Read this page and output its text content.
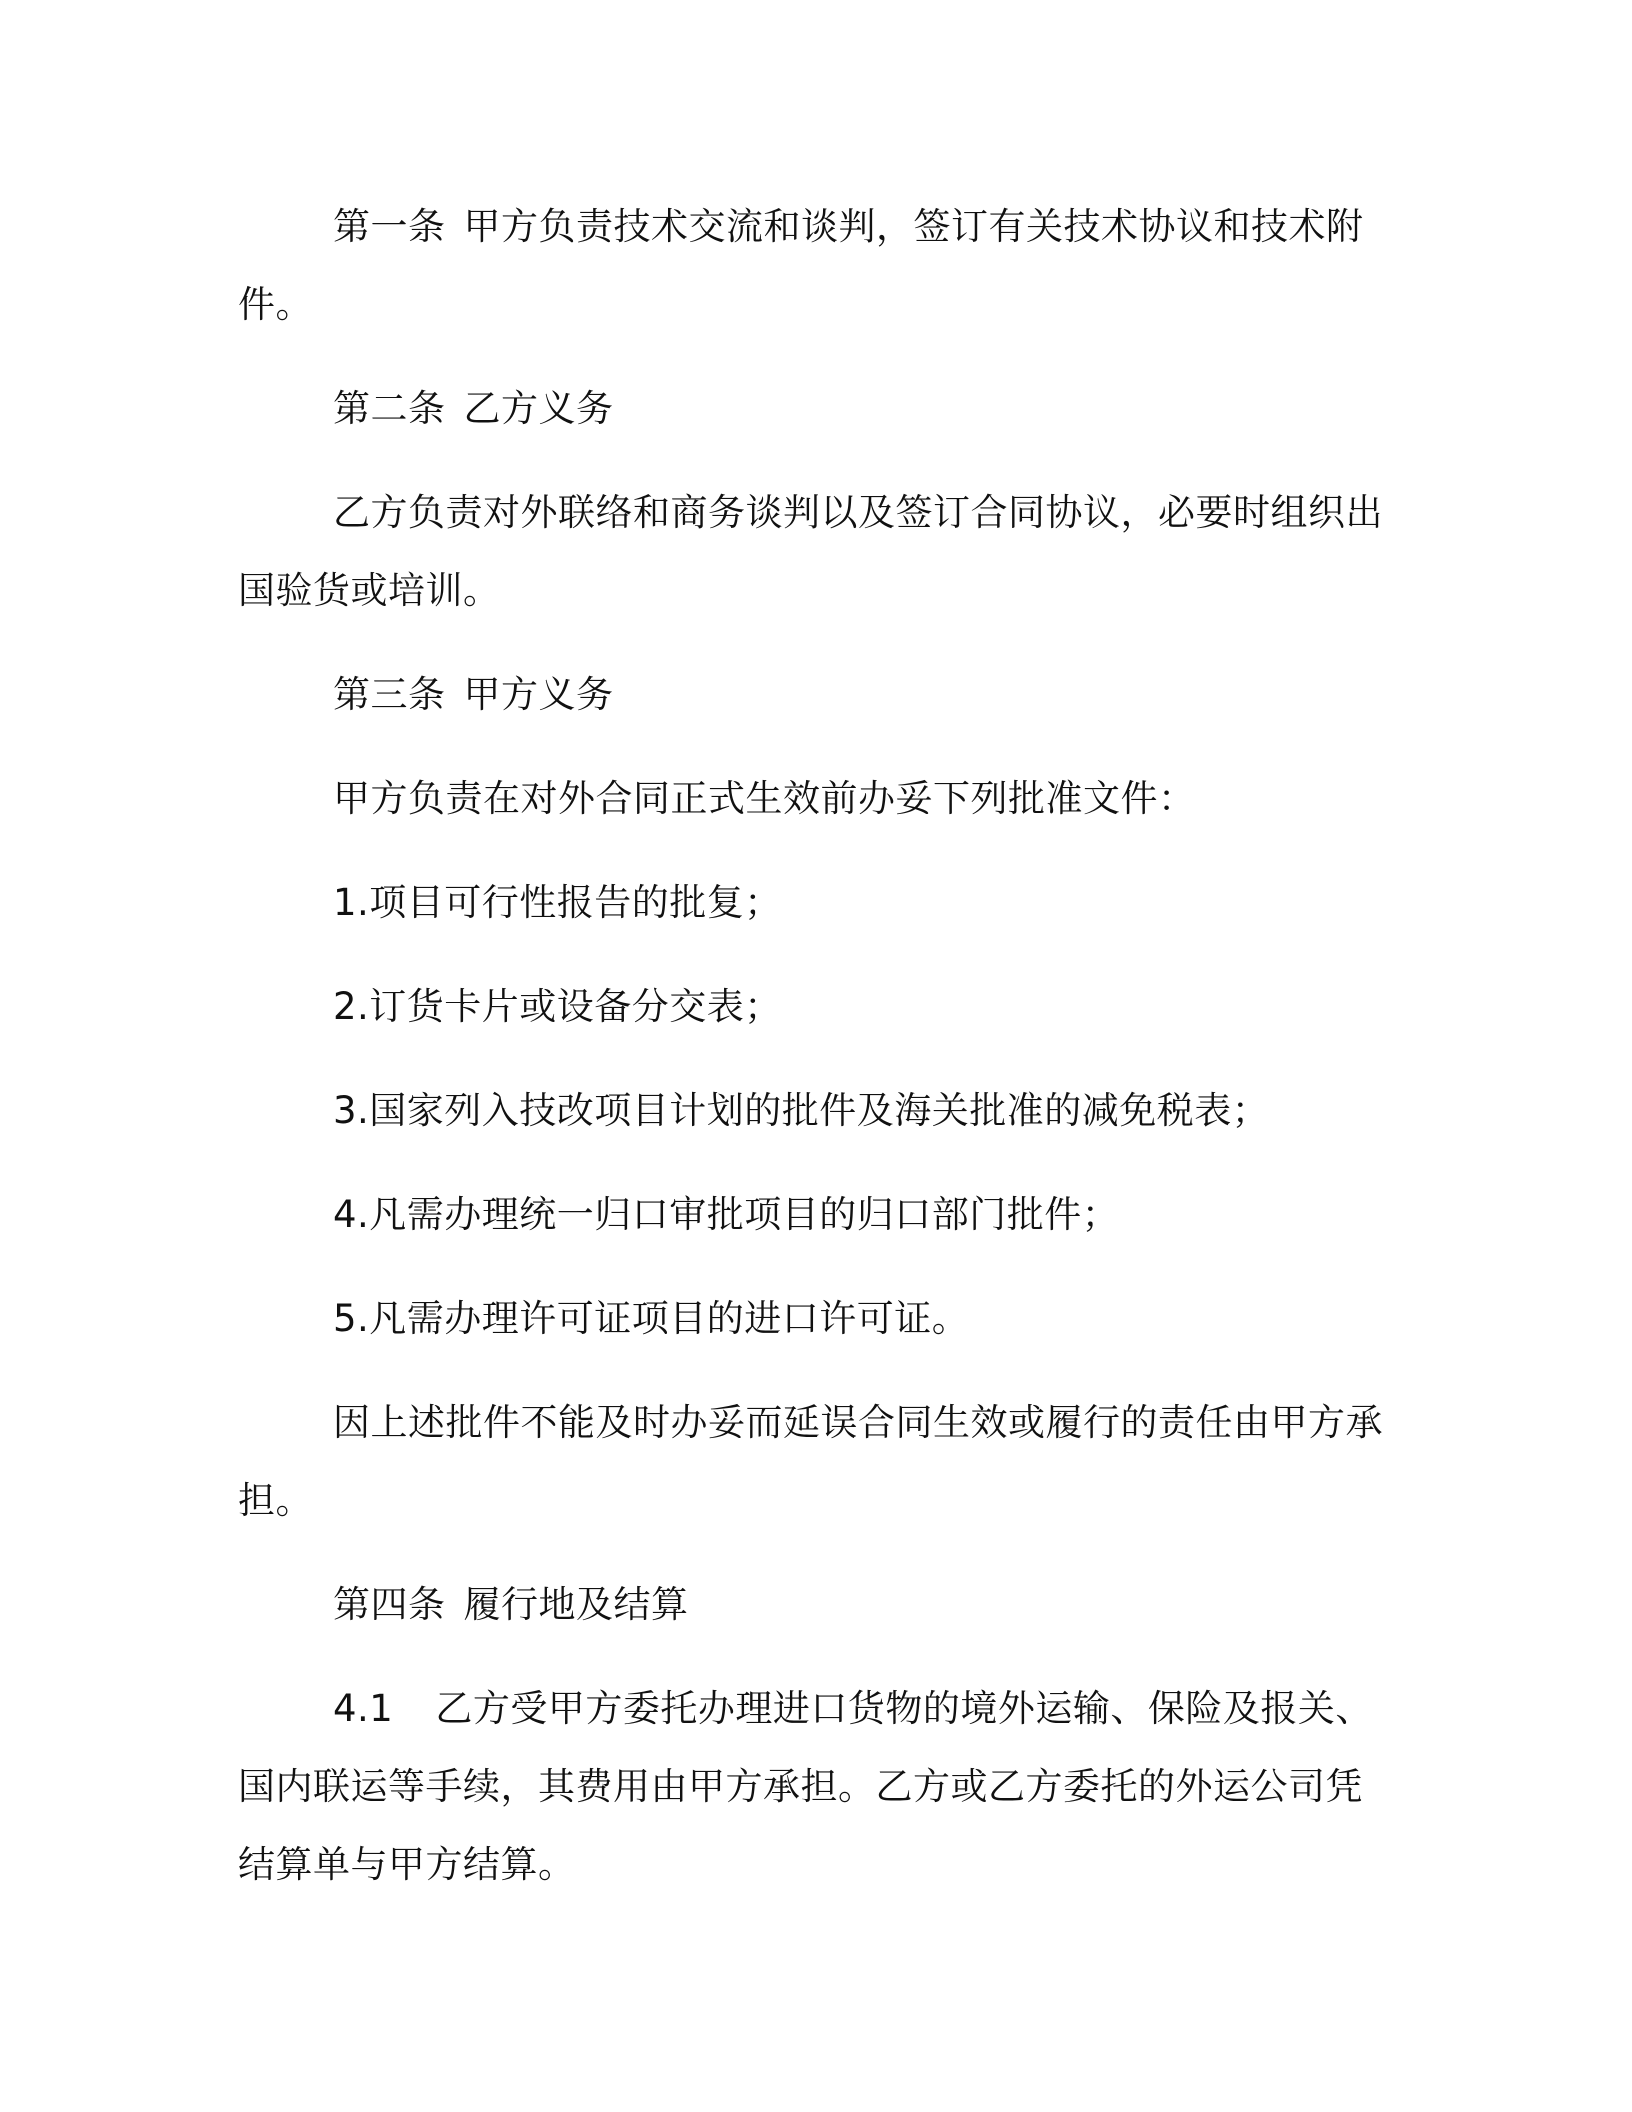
第一条 甲方负责技术交流和谈判，签订有关技术协议和技术附件。

第二条 乙方义务

乙方负责对外联络和商务谈判以及签订合同协议，必要时组织出国验货或培训。

第三条 甲方义务

甲方负责在对外合同正式生效前办妥下列批准文件：

1.项目可行性报告的批复；

2.订货卡片或设备分交表；

3.国家列入技改项目计划的批件及海关批准的减免税表；

4.凡需办理统一归口审批项目的归口部门批件；

5.凡需办理许可证项目的进口许可证。

因上述批件不能及时办妥而延误合同生效或履行的责任由甲方承担。

第四条 履行地及结算

4.1 乙方受甲方委托办理进口货物的境外运输、保险及报关、国内联运等手续，其费用由甲方承担。乙方或乙方委托的外运公司凭结算单与甲方结算。
